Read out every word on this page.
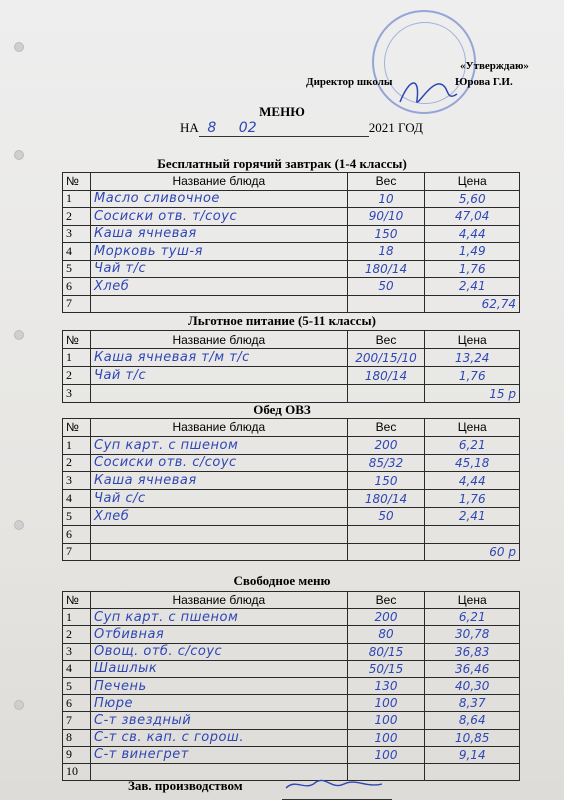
«Утверждаю»
Директор школы	Юрова Г.И.
МЕНЮ
НА 8 02	2021 ГОД
Бесплатный горячий завтрак (1-4 классы)
№	Название блюда	Вес	Цена
1	Масло сливочное	10	5,60
2	Сосиски отв. т/соус	90/10	47,04
3	Каша ячневая	150	4,44
4	Морковь туш-я	18	1,49
5	Чай т/с	180/14	1,76
6	Хлеб	50	2,41
7			62,74
Льготное питание (5-11 классы)
№	Название блюда	Вес	Цена
1	Каша ячневая т/м т/с	200/15/10	13,24
2	Чай т/с	180/14	1,76
3			15 р
Обед ОВЗ
№	Название блюда	Вес	Цена
1	Суп карт. с пшеном	200	6,21
2	Сосиски отв. с/соус	85/32	45,18
3	Каша ячневая	150	4,44
4	Чай с/с	180/14	1,76
5	Хлеб	50	2,41
6			
7			60 р
Свободное меню
№	Название блюда	Вес	Цена
1	Суп карт. с пшеном	200	6,21
2	Отбивная	80	30,78
3	Овощ. отб. с/соус	80/15	36,83
4	Шашлык	50/15	36,46
5	Печень	130	40,30
6	Пюре	100	8,37
7	С-т звездный	100	8,64
8	С-т св. кап. с горош.	100	10,85
9	С-т винегрет	100	9,14
10			
Зав. производством
